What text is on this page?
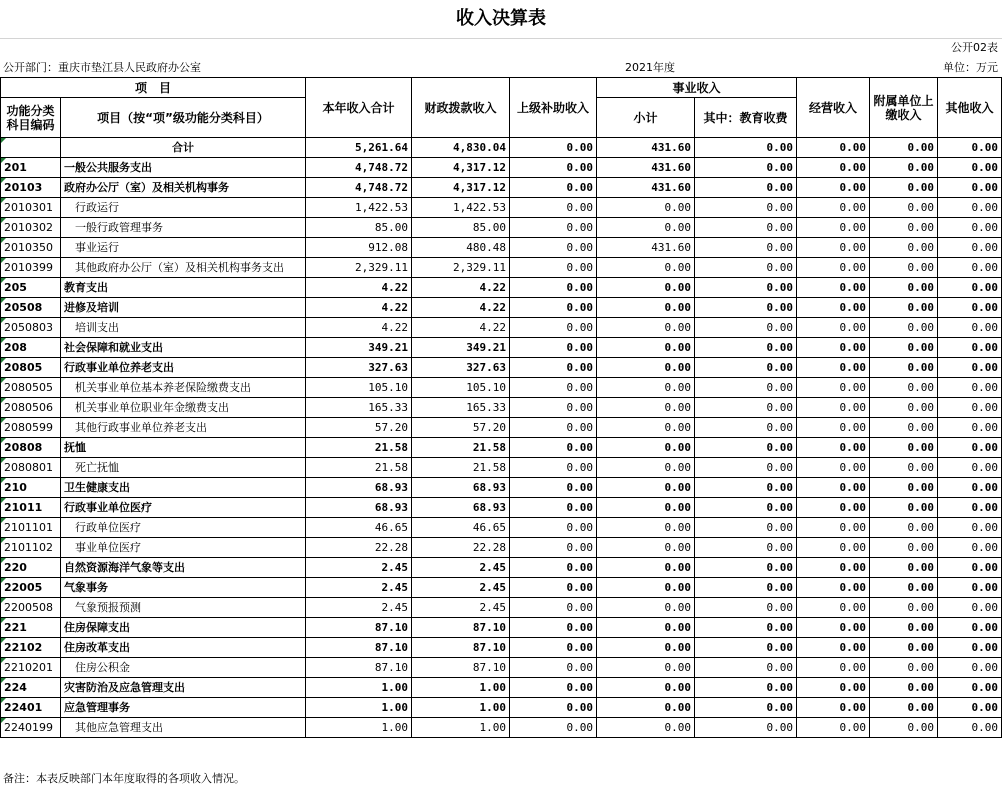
收入决算表
公开02表
公开部门：重庆市垫江县人民政府办公室	2021年度	单位：万元
项　目		本年收入合计	财政拨款收入	上级补助收入	事业收入		经营收入	附属单位上缴收入	其他收入
功能分类科目编码	项目（按“项”级功能分类科目）								
					小计	其中：教育收费			
	合计	5,261.64	4,830.04	0.00	431.60	0.00	0.00	0.00	0.00
201	一般公共服务支出	4,748.72	4,317.12	0.00	431.60	0.00	0.00	0.00	0.00
20103	政府办公厅（室）及相关机构事务	4,748.72	4,317.12	0.00	431.60	0.00	0.00	0.00	0.00
2010301	行政运行	1,422.53	1,422.53	0.00	0.00	0.00	0.00	0.00	0.00
2010302	一般行政管理事务	85.00	85.00	0.00	0.00	0.00	0.00	0.00	0.00
2010350	事业运行	912.08	480.48	0.00	431.60	0.00	0.00	0.00	0.00
2010399	其他政府办公厅（室）及相关机构事务支出	2,329.11	2,329.11	0.00	0.00	0.00	0.00	0.00	0.00
205	教育支出	4.22	4.22	0.00	0.00	0.00	0.00	0.00	0.00
20508	进修及培训	4.22	4.22	0.00	0.00	0.00	0.00	0.00	0.00
2050803	培训支出	4.22	4.22	0.00	0.00	0.00	0.00	0.00	0.00
208	社会保障和就业支出	349.21	349.21	0.00	0.00	0.00	0.00	0.00	0.00
20805	行政事业单位养老支出	327.63	327.63	0.00	0.00	0.00	0.00	0.00	0.00
2080505	机关事业单位基本养老保险缴费支出	105.10	105.10	0.00	0.00	0.00	0.00	0.00	0.00
2080506	机关事业单位职业年金缴费支出	165.33	165.33	0.00	0.00	0.00	0.00	0.00	0.00
2080599	其他行政事业单位养老支出	57.20	57.20	0.00	0.00	0.00	0.00	0.00	0.00
20808	抚恤	21.58	21.58	0.00	0.00	0.00	0.00	0.00	0.00
2080801	死亡抚恤	21.58	21.58	0.00	0.00	0.00	0.00	0.00	0.00
210	卫生健康支出	68.93	68.93	0.00	0.00	0.00	0.00	0.00	0.00
21011	行政事业单位医疗	68.93	68.93	0.00	0.00	0.00	0.00	0.00	0.00
2101101	行政单位医疗	46.65	46.65	0.00	0.00	0.00	0.00	0.00	0.00
2101102	事业单位医疗	22.28	22.28	0.00	0.00	0.00	0.00	0.00	0.00
220	自然资源海洋气象等支出	2.45	2.45	0.00	0.00	0.00	0.00	0.00	0.00
22005	气象事务	2.45	2.45	0.00	0.00	0.00	0.00	0.00	0.00
2200508	气象预报预测	2.45	2.45	0.00	0.00	0.00	0.00	0.00	0.00
221	住房保障支出	87.10	87.10	0.00	0.00	0.00	0.00	0.00	0.00
22102	住房改革支出	87.10	87.10	0.00	0.00	0.00	0.00	0.00	0.00
2210201	住房公积金	87.10	87.10	0.00	0.00	0.00	0.00	0.00	0.00
224	灾害防治及应急管理支出	1.00	1.00	0.00	0.00	0.00	0.00	0.00	0.00
22401	应急管理事务	1.00	1.00	0.00	0.00	0.00	0.00	0.00	0.00
2240199	其他应急管理支出	1.00	1.00	0.00	0.00	0.00	0.00	0.00	0.00
备注：本表反映部门本年度取得的各项收入情况。
